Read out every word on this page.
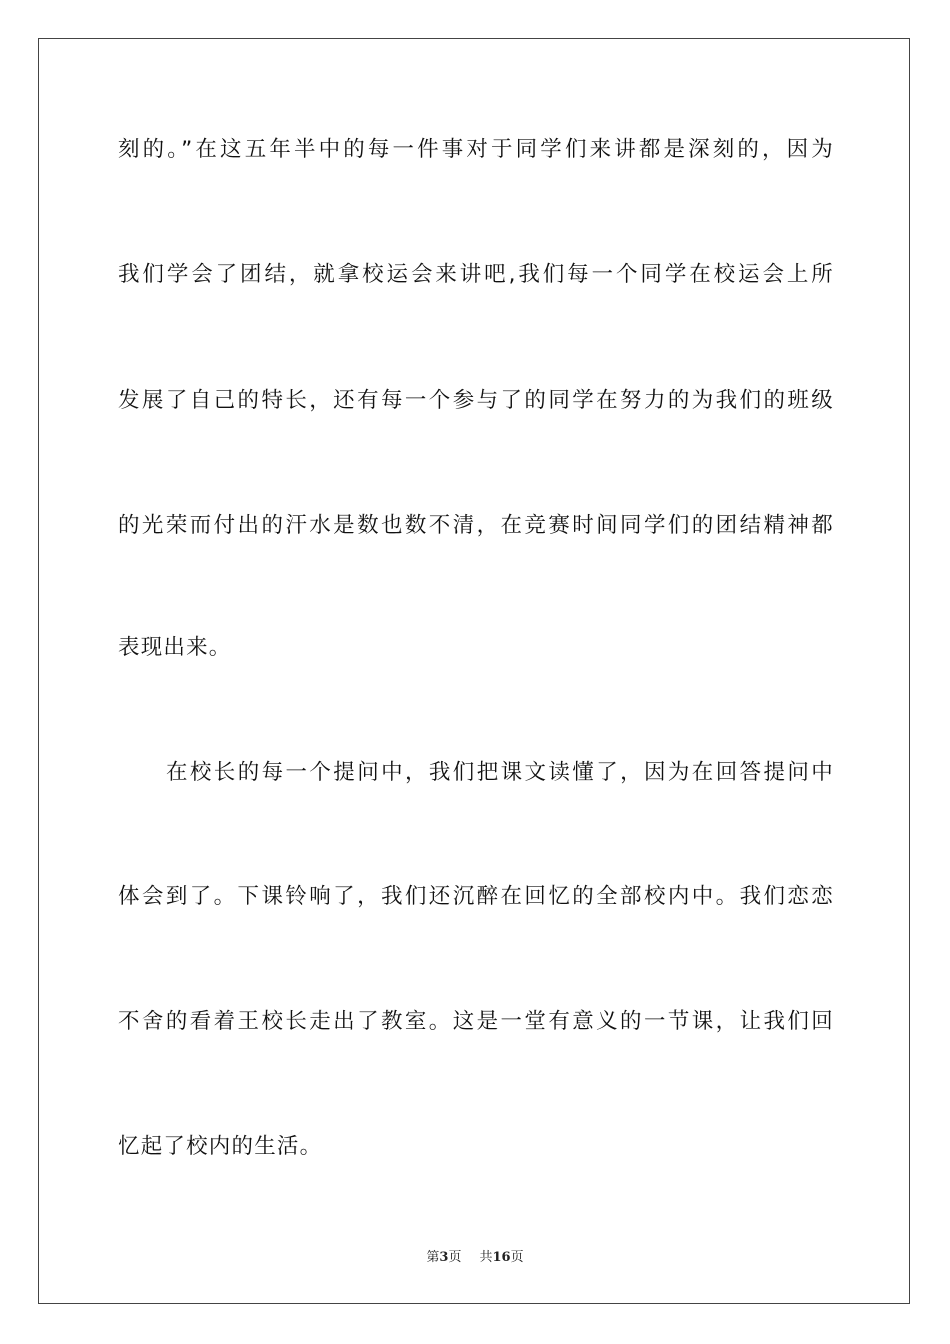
刻的。”在这五年半中的每一件事对于同学们来讲都是深刻的，因为
我们学会了团结，就拿校运会来讲吧,我们每一个同学在校运会上所
发展了自己的特长，还有每一个参与了的同学在努力的为我们的班级
的光荣而付出的汗水是数也数不清，在竞赛时间同学们的团结精神都
表现出来。
在校长的每一个提问中，我们把课文读懂了，因为在回答提问中
体会到了。下课铃响了，我们还沉醉在回忆的全部校内中。我们恋恋
不舍的看着王校长走出了教室。这是一堂有意义的一节课，让我们回
忆起了校内的生活。
第3页 共16页
